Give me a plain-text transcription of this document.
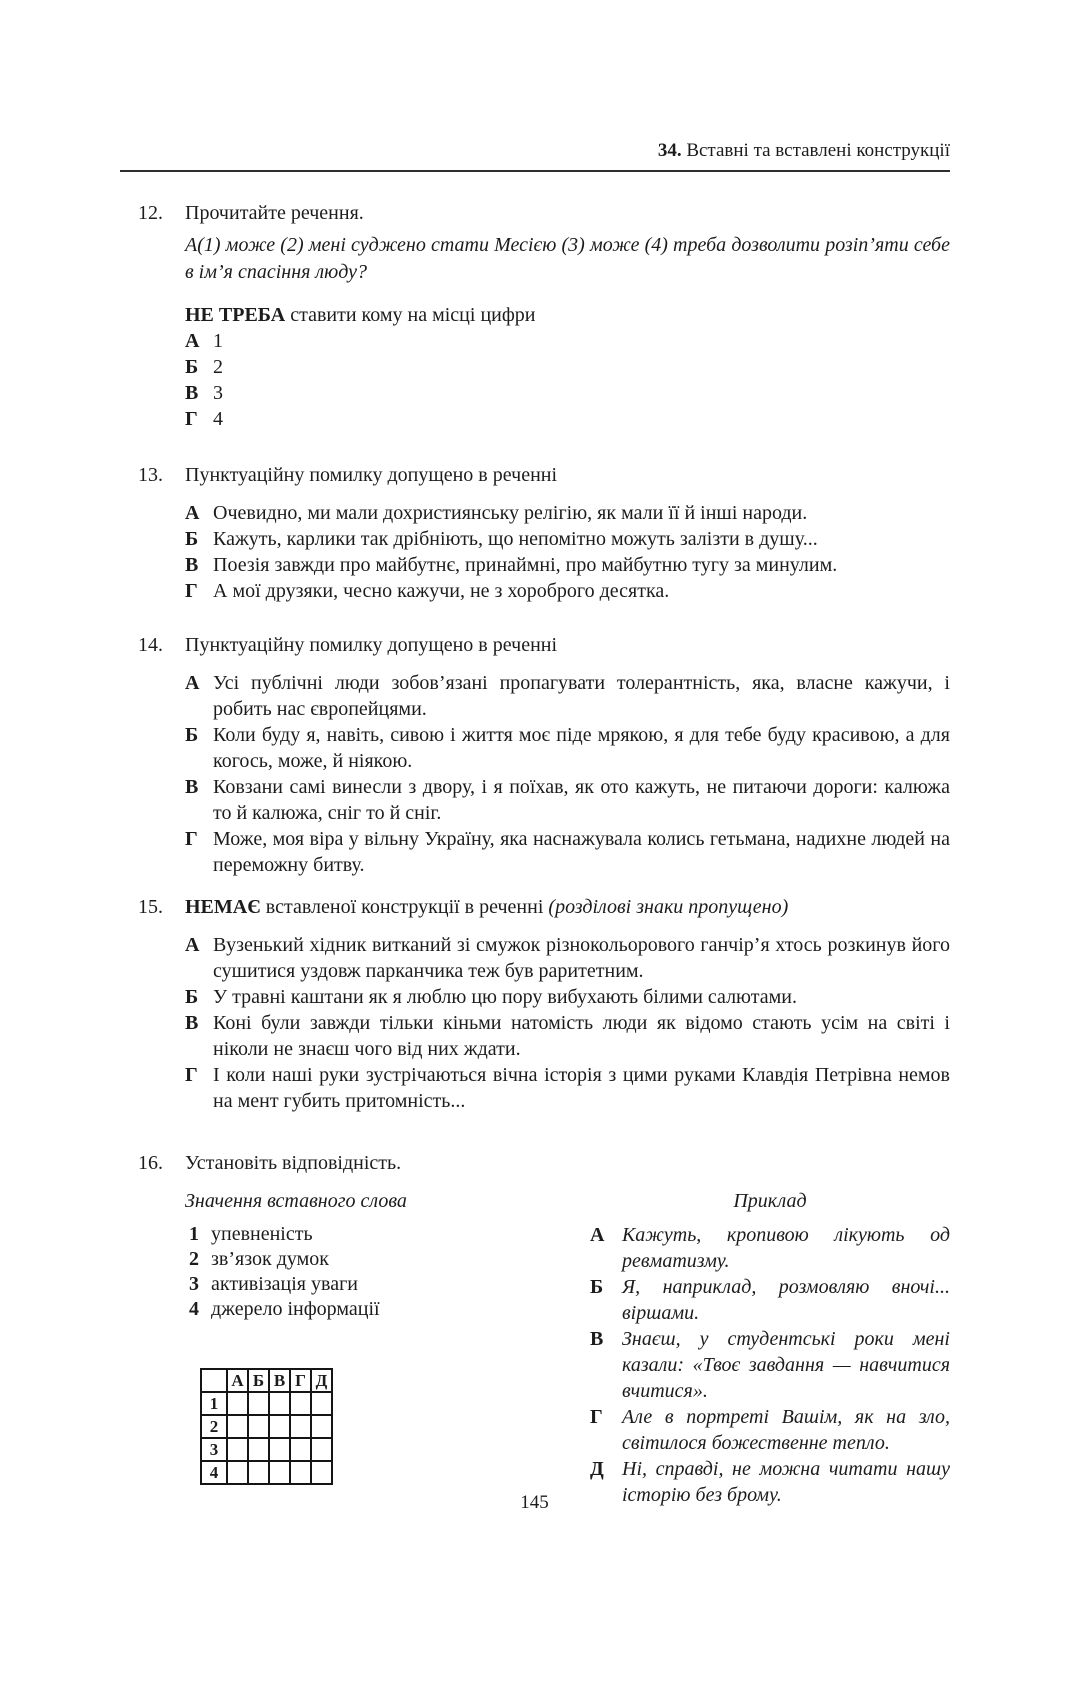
34. Вставні та вставлені конструкції
12.	Прочитайте речення.
А(1) може (2) мені суджено стати Месією (3) може (4) треба дозволити розіп’яти себе в ім’я спасіння люду?
НЕ ТРЕБА ставити кому на місці цифри
А 1
Б 2
В 3
Г 4
13.	Пунктуаційну помилку допущено в реченні
А Очевидно, ми мали дохристиянську релігію, як мали її й інші народи.
Б Кажуть, карлики так дрібніють, що непомітно можуть залізти в душу...
В Поезія завжди про майбутнє, принаймні, про майбутню тугу за минулим.
Г А мої друзяки, чесно кажучи, не з хороброго десятка.
14.	Пунктуаційну помилку допущено в реченні
А Усі публічні люди зобов’язані пропагувати толерантність, яка, власне кажучи, і робить нас європейцями.
Б Коли буду я, навіть, сивою і життя моє піде мрякою, я для тебе буду красивою, а для когось, може, й ніякою.
В Ковзани самі винесли з двору, і я поїхав, як ото кажуть, не питаючи дороги: калюжа то й калюжа, сніг то й сніг.
Г Може, моя віра у вільну Україну, яка наснажувала колись гетьмана, надихне людей на переможну битву.
15.	НЕМАЄ вставленої конструкції в реченні (розділові знаки пропущено)
А Вузенький хідник витканий зі смужок різнокольорового ганчір’я хтось розкинув його сушитися уздовж парканчика теж був раритетним.
Б У травні каштани як я люблю цю пору вибухають білими салютами.
В Коні були завжди тільки кіньми натомість люди як відомо стають усім на світі і ніколи не знаєш чого від них ждати.
Г І коли наші руки зустрічаються вічна історія з цими руками Клавдія Петрівна немов на мент губить притомність...
16.	Установіть відповідність.
Значення вставного слова
1 упевненість
2 зв’язок думок
3 активізація уваги
4 джерело інформації
	А	Б	В	Г	Д
1					
2					
3					
4					
Приклад
А Кажуть, кропивою лікують од ревматизму.
Б Я, наприклад, розмовляю вночі... віршами.
В Знаєш, у студентські роки мені казали: «Твоє завдання — навчитися вчитися».
Г Але в портреті Вашім, як на зло, світилося божественне тепло.
Д Ні, справді, не можна читати нашу історію без брому.
145
